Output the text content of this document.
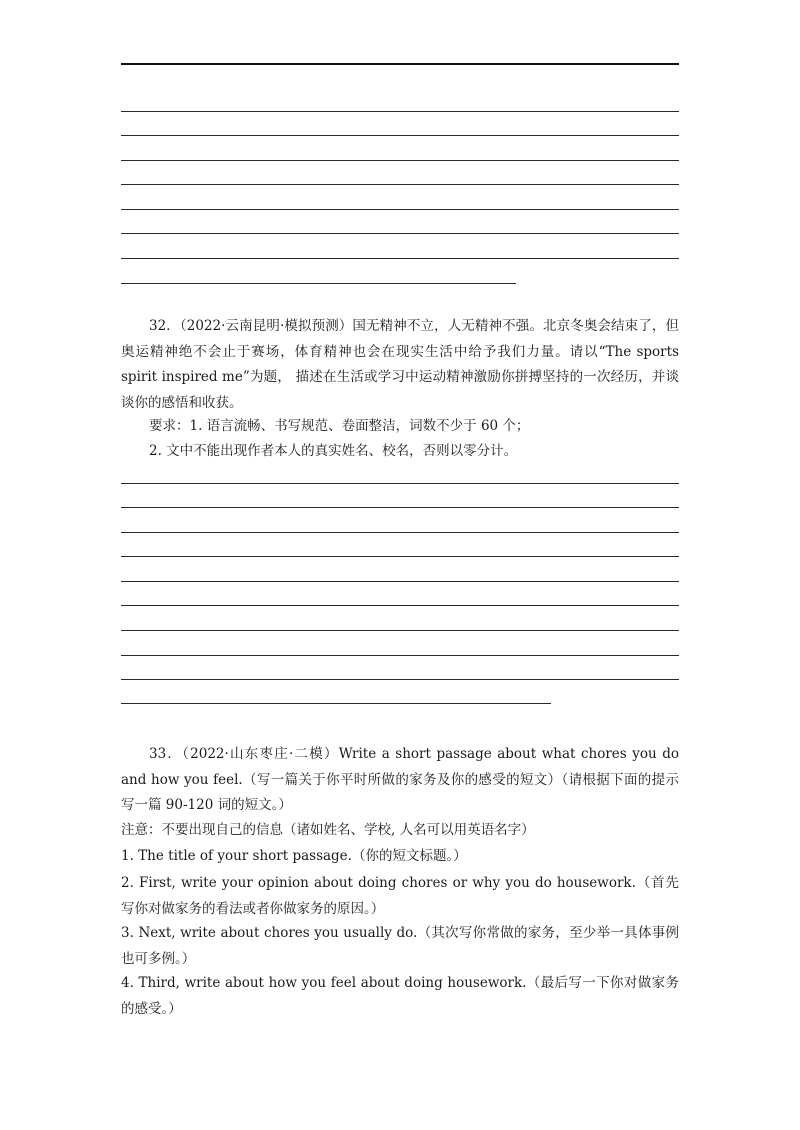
32．（2022·云南昆明·模拟预测）国无精神不立，人无精神不强。北京冬奥会结束了，但奥运精神绝不会止于赛场，体育精神也会在现实生活中给予我们力量。请以“The sports spirit inspired me”为题， 描述在生活或学习中运动精神激励你拼搏坚持的一次经历，并谈谈你的感悟和收获。
要求：1. 语言流畅、书写规范、卷面整洁，词数不少于 60 个；
2. 文中不能出现作者本人的真实姓名、校名，否则以零分计。
33．（2022·山东枣庄·二模）Write a short passage about what chores you do and how you feel.（写一篇关于你平时所做的家务及你的感受的短文）（请根据下面的提示写一篇 90-120 词的短文。）
注意：不要出现自己的信息（诸如姓名、学校, 人名可以用英语名字）
1. The title of your short passage.（你的短文标题。）
2. First, write your opinion about doing chores or why you do housework.（首先写你对做家务的看法或者你做家务的原因。）
3. Next, write about chores you usually do.（其次写你常做的家务，至少举一具体事例也可多例。）
4. Third, write about how you feel about doing housework.（最后写一下你对做家务的感受。）
